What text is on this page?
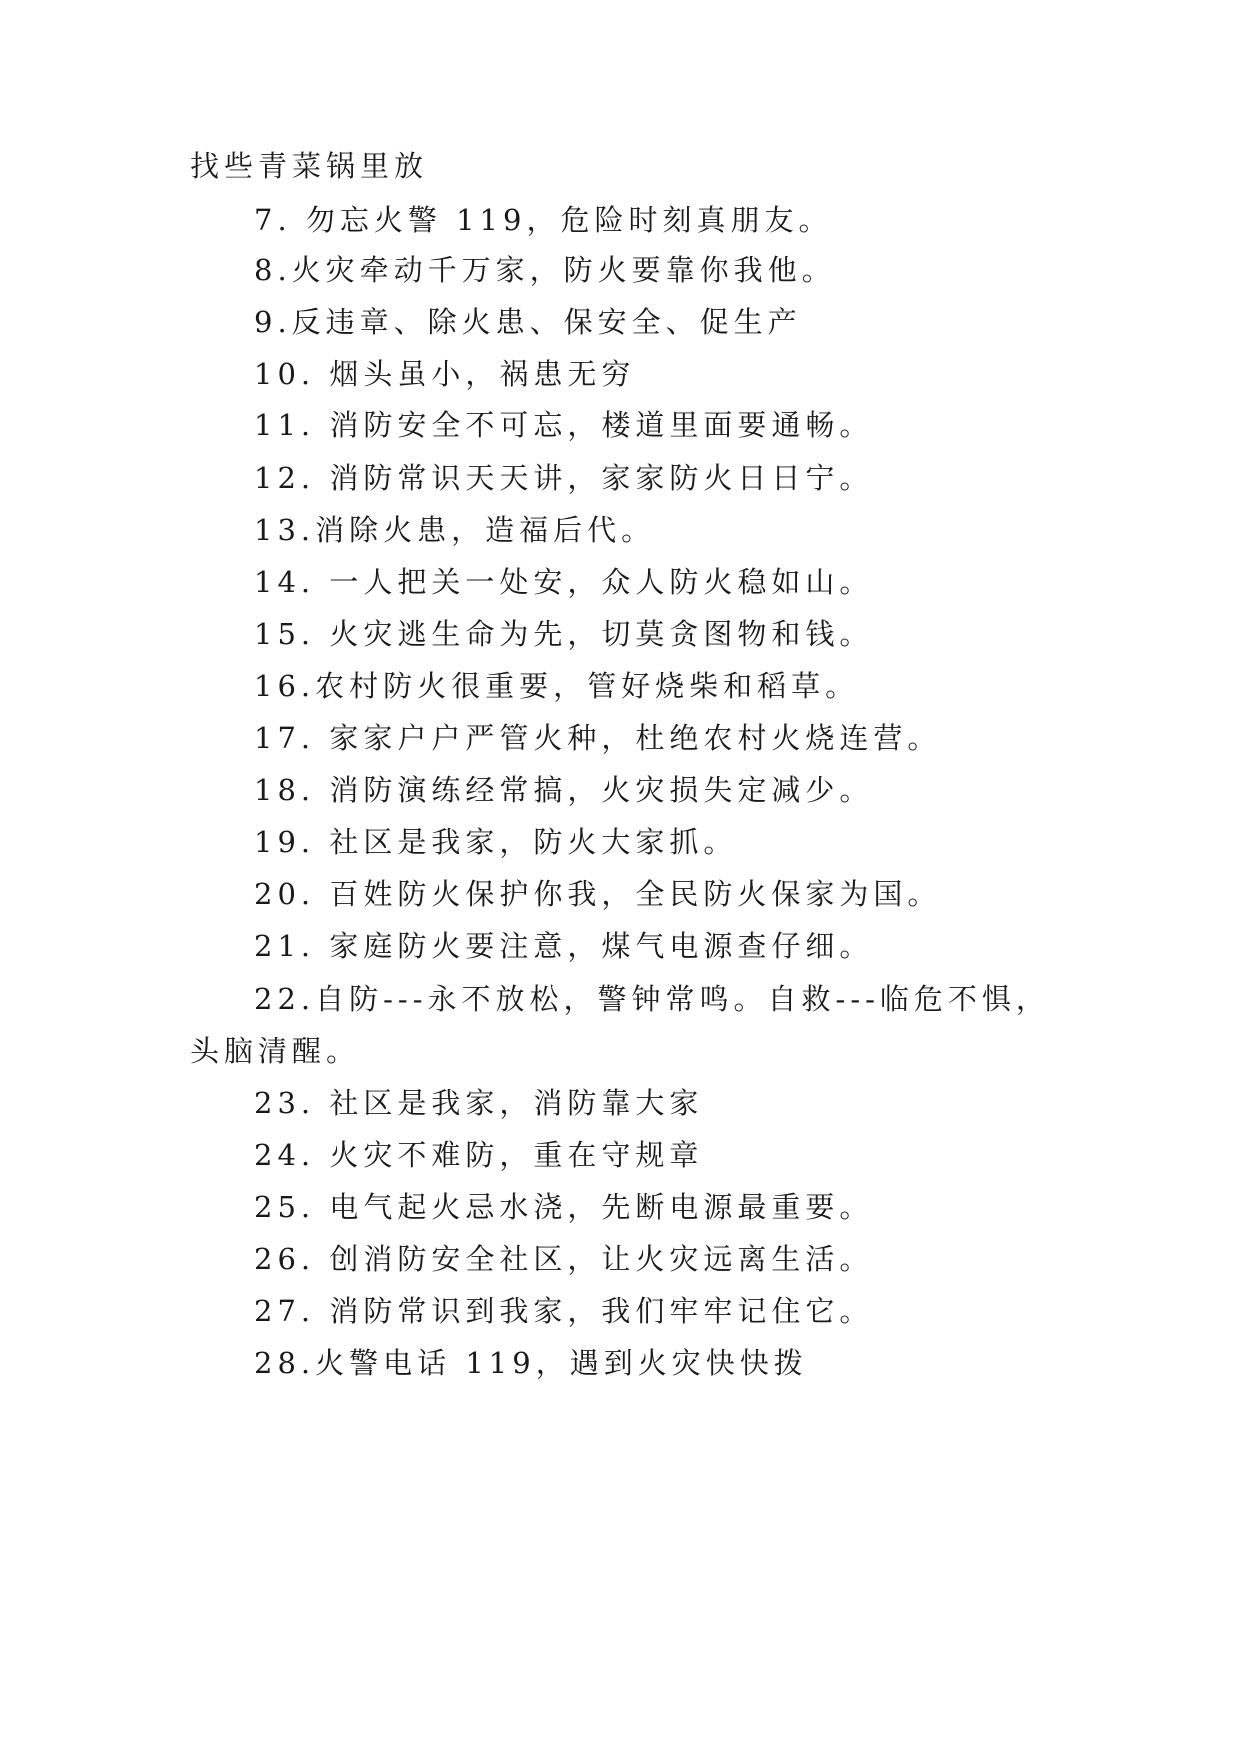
找些青菜锅里放
7. 勿忘火警 119，危险时刻真朋友。
8.火灾牵动千万家，防火要靠你我他。
9.反违章、除火患、保安全、促生产
10. 烟头虽小，祸患无穷
11. 消防安全不可忘，楼道里面要通畅。
12. 消防常识天天讲，家家防火日日宁。
13.消除火患，造福后代。
14. 一人把关一处安，众人防火稳如山。
15. 火灾逃生命为先，切莫贪图物和钱。
16.农村防火很重要，管好烧柴和稻草。
17. 家家户户严管火种，杜绝农村火烧连营。
18. 消防演练经常搞，火灾损失定减少。
19. 社区是我家，防火大家抓。
20. 百姓防火保护你我，全民防火保家为国。
21. 家庭防火要注意，煤气电源查仔细。
22.自防---永不放松，警钟常鸣。自救---临危不惧，
头脑清醒。
23. 社区是我家，消防靠大家
24. 火灾不难防，重在守规章
25. 电气起火忌水浇，先断电源最重要。
26. 创消防安全社区，让火灾远离生活。
27. 消防常识到我家，我们牢牢记住它。
28.火警电话 119，遇到火灾快快拨
